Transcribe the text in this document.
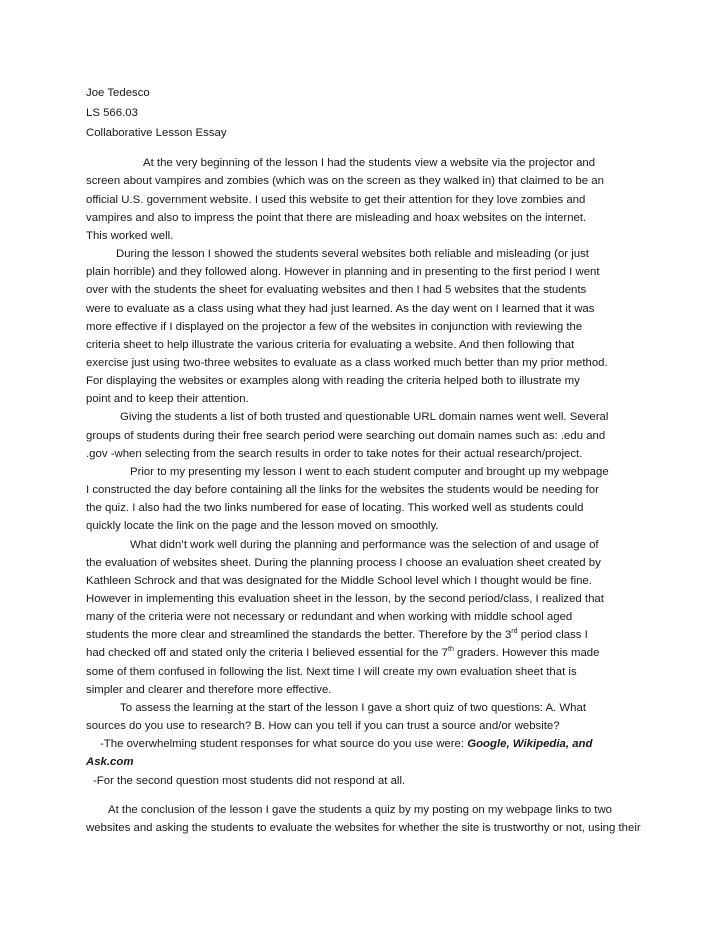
Joe Tedesco
LS 566.03
Collaborative Lesson Essay
At the very beginning of the lesson I had the students view a website via the projector and
screen about vampires and zombies (which was on the screen as they walked in) that claimed to be an
official U.S. government website. I used this website to get their attention for they love zombies and
vampires and also to impress the point that there are misleading and hoax websites on the internet.
This worked well.
During the lesson I showed the students several websites both reliable and misleading (or just
plain horrible) and they followed along. However in planning and in presenting to the first period I went
over with the students the sheet for evaluating websites and then I had 5 websites that the students
were to evaluate as a class using what they had just learned. As the day went on I learned that it was
more effective if I displayed on the projector a few of the websites in conjunction with reviewing the
criteria sheet to help illustrate the various criteria for evaluating a website. And then following that
exercise just using two-three websites to evaluate as a class worked much better than my prior method.
For displaying the websites or examples along with reading the criteria helped both to illustrate my
point and to keep their attention.
Giving the students a list of both trusted and questionable URL domain names went well. Several
groups of students during their free search period were searching out domain names such as: .edu and
.gov -when selecting from the search results in order to take notes for their actual research/project.
Prior to my presenting my lesson I went to each student computer and brought up my webpage
I constructed the day before containing all the links for the websites the students would be needing for
the quiz. I also had the two links numbered for ease of locating. This worked well as students could
quickly locate the link on the page and the lesson moved on smoothly.
What didn’t work well during the planning and performance was the selection of and usage of
the evaluation of websites sheet. During the planning process I choose an evaluation sheet created by
Kathleen Schrock and that was designated for the Middle School level which I thought would be fine.
However in implementing this evaluation sheet in the lesson, by the second period/class, I realized that
many of the criteria were not necessary or redundant and when working with middle school aged
students the more clear and streamlined the standards the better. Therefore by the 3rd period class I
had checked off and stated only the criteria I believed essential for the 7th graders. However this made
some of them confused in following the list. Next time I will create my own evaluation sheet that is
simpler and clearer and therefore more effective.
To assess the learning at the start of the lesson I gave a short quiz of two questions: A. What
sources do you use to research? B. How can you tell if you can trust a source and/or website?
-The overwhelming student responses for what source do you use were: Google, Wikipedia, and
Ask.com
-For the second question most students did not respond at all.
At the conclusion of the lesson I gave the students a quiz by my posting on my webpage links to two
websites and asking the students to evaluate the websites for whether the site is trustworthy or not, using their
